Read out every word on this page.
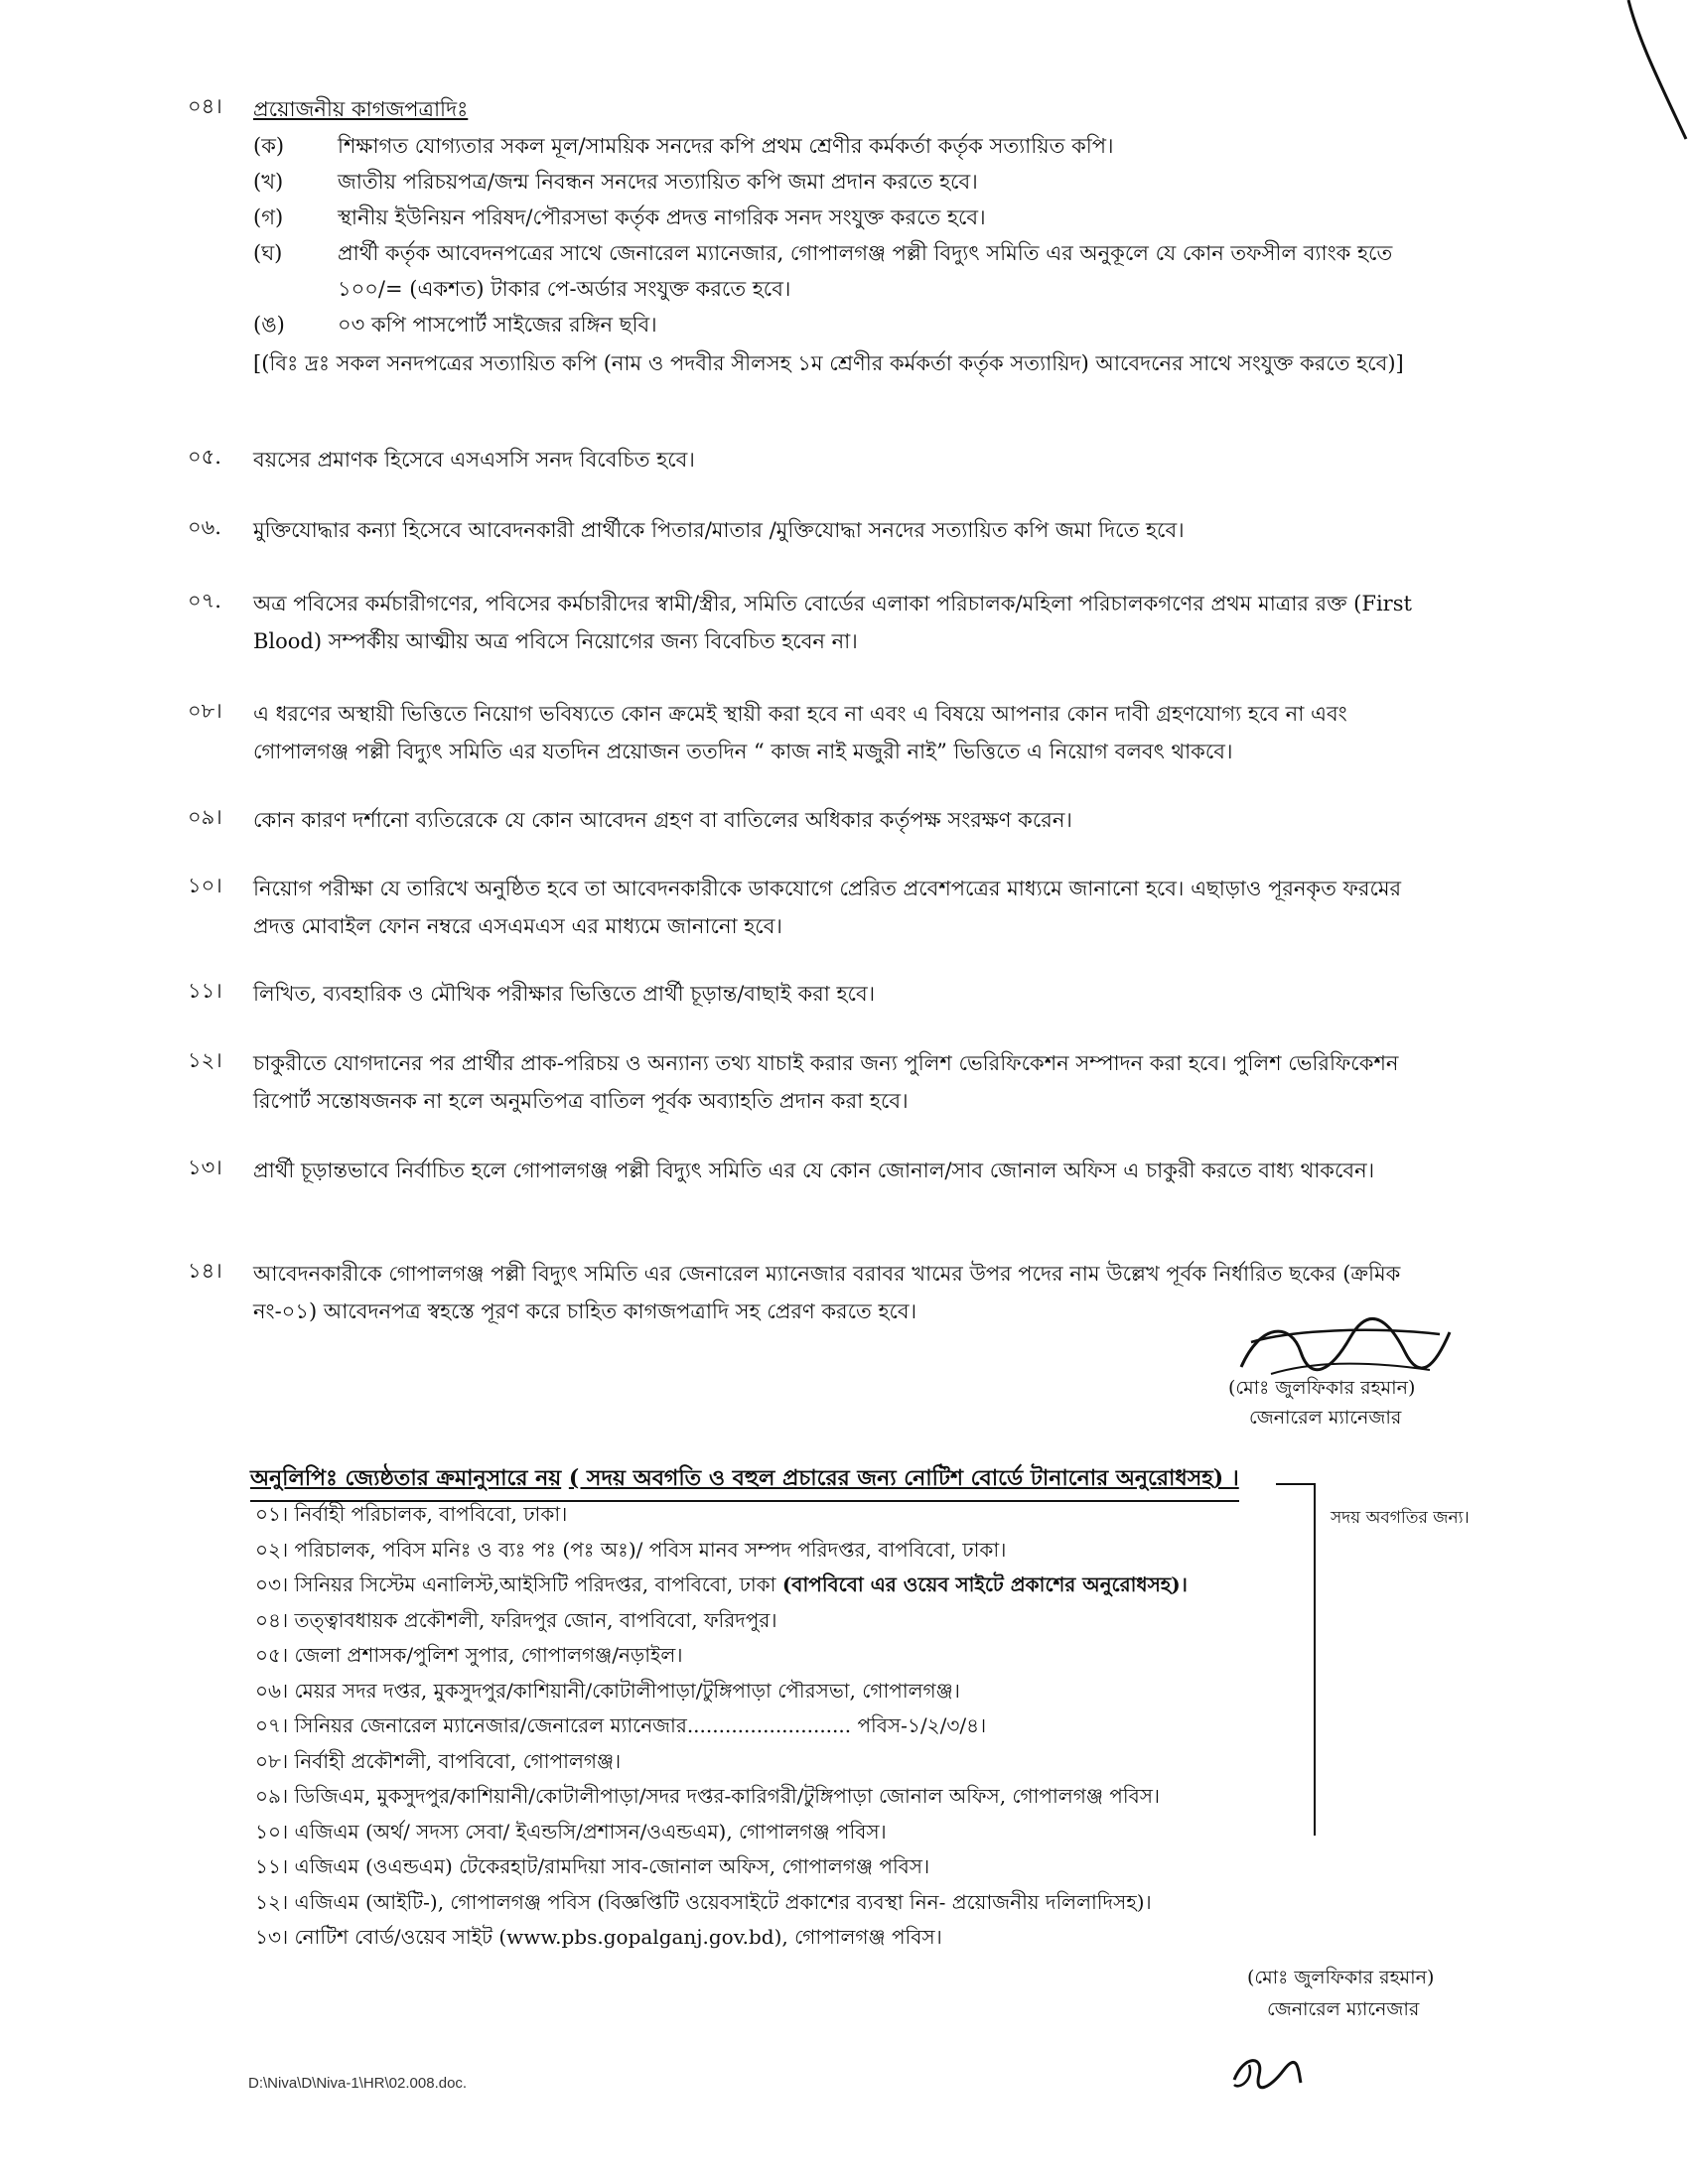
০৪। প্রয়োজনীয় কাগজপত্রাদিঃ
(ক)	শিক্ষাগত যোগ্যতার সকল মূল/সাময়িক সনদের কপি প্রথম শ্রেণীর কর্মকর্তা কর্তৃক সত্যায়িত কপি।
(খ)	জাতীয় পরিচয়পত্র/জন্ম নিবন্ধন সনদের সত্যায়িত কপি জমা প্রদান করতে হবে।
(গ)	স্থানীয় ইউনিয়ন পরিষদ/পৌরসভা কর্তৃক প্রদত্ত নাগরিক সনদ সংযুক্ত করতে হবে।
(ঘ)	প্রার্থী কর্তৃক আবেদনপত্রের সাথে জেনারেল ম্যানেজার, গোপালগঞ্জ পল্লী বিদ্যুৎ সমিতি এর অনুকূলে যে কোন তফসীল ব্যাংক হতে ১০০/= (একশত) টাকার পে-অর্ডার সংযুক্ত করতে হবে।
(ঙ)	০৩ কপি পাসপোর্ট সাইজের রঙ্গিন ছবি।
[(বিঃ দ্রঃ সকল সনদপত্রের সত্যায়িত কপি (নাম ও পদবীর সীলসহ ১ম শ্রেণীর কর্মকর্তা কর্তৃক সত্যায়িদ) আবেদনের সাথে সংযুক্ত করতে হবে)]
০৫. বয়সের প্রমাণক হিসেবে এসএসসি সনদ বিবেচিত হবে।

০৬. মুক্তিযোদ্ধার কন্যা হিসেবে আবেদনকারী প্রার্থীকে পিতার/মাতার /মুক্তিযোদ্ধা সনদের সত্যায়িত কপি জমা দিতে হবে।

০৭. অত্র পবিসের কর্মচারীগণের, পবিসের কর্মচারীদের স্বামী/স্ত্রীর, সমিতি বোর্ডের এলাকা পরিচালক/মহিলা পরিচালকগণের প্রথম মাত্রার রক্ত (First Blood) সম্পর্কীয় আত্মীয় অত্র পবিসে নিয়োগের জন্য বিবেচিত হবেন না।

০৮। এ ধরণের অস্থায়ী ভিত্তিতে নিয়োগ ভবিষ্যতে কোন ক্রমেই স্থায়ী করা হবে না এবং এ বিষয়ে আপনার কোন দাবী গ্রহণযোগ্য হবে না এবং গোপালগঞ্জ পল্লী বিদ্যুৎ সমিতি এর যতদিন প্রয়োজন ততদিন “ কাজ নাই মজুরী নাই” ভিত্তিতে এ নিয়োগ বলবৎ থাকবে।

০৯। কোন কারণ দর্শানো ব্যতিরেকে যে কোন আবেদন গ্রহণ বা বাতিলের অধিকার কর্তৃপক্ষ সংরক্ষণ করেন।

১০। নিয়োগ পরীক্ষা যে তারিখে অনুষ্ঠিত হবে তা আবেদনকারীকে ডাকযোগে প্রেরিত প্রবেশপত্রের মাধ্যমে জানানো হবে। এছাড়াও পূরনকৃত ফরমের প্রদত্ত মোবাইল ফোন নম্বরে এসএমএস এর মাধ্যমে জানানো হবে।

১১। লিখিত, ব্যবহারিক ও মৌখিক পরীক্ষার ভিত্তিতে প্রার্থী চূড়ান্ত/বাছাই করা হবে।

১২। চাকুরীতে যোগদানের পর প্রার্থীর প্রাক-পরিচয় ও অন্যান্য তথ্য যাচাই করার জন্য পুলিশ ভেরিফিকেশন সম্পাদন করা হবে। পুলিশ ভেরিফিকেশন রিপোর্ট সন্তোষজনক না হলে অনুমতিপত্র বাতিল পূর্বক অব্যাহতি প্রদান করা হবে।

১৩। প্রার্থী চূড়ান্তভাবে নির্বাচিত হলে গোপালগঞ্জ পল্লী বিদ্যুৎ সমিতি এর যে কোন জোনাল/সাব জোনাল অফিস এ চাকুরী করতে বাধ্য থাকবেন।

১৪। আবেদনকারীকে গোপালগঞ্জ পল্লী বিদ্যুৎ সমিতি এর জেনারেল ম্যানেজার বরাবর খামের উপর পদের নাম উল্লেখ পূর্বক নির্ধারিত ছকের (ক্রমিক নং-০১) আবেদনপত্র স্বহস্তে পূরণ করে চাহিত কাগজপত্রাদি সহ প্রেরণ করতে হবে।

(মোঃ জুলফিকার রহমান)
জেনারেল ম্যানেজার
অনুলিপিঃ জ্যেষ্ঠতার ক্রমানুসারে নয় ( সদয় অবগতি ও বহুল প্রচারের জন্য নোটিশ বোর্ডে টানানোর অনুরোধসহ) ।
সদয় অবগতির জন্য।
০১। নির্বাহী পরিচালক, বাপবিবো, ঢাকা।
০২। পরিচালক, পবিস মনিঃ ও ব্যঃ পঃ (পঃ অঃ)/ পবিস মানব সম্পদ পরিদপ্তর, বাপবিবো, ঢাকা।
০৩। সিনিয়র সিস্টেম এনালিস্ট,আইসিটি পরিদপ্তর, বাপবিবো, ঢাকা (বাপবিবো এর ওয়েব সাইটে প্রকাশের অনুরোধসহ)।
০৪। তত্ত্বাবধায়ক প্রকৌশলী, ফরিদপুর জোন, বাপবিবো, ফরিদপুর।
০৫। জেলা প্রশাসক/পুলিশ সুপার, গোপালগঞ্জ/নড়াইল।
০৬। মেয়র সদর দপ্তর, মুকসুদপুর/কাশিয়ানী/কোটালীপাড়া/টুঙ্গিপাড়া পৌরসভা, গোপালগঞ্জ।
০৭। সিনিয়র জেনারেল ম্যানেজার/জেনারেল ম্যানেজার.......................... পবিস-১/২/৩/৪।
০৮। নির্বাহী প্রকৌশলী, বাপবিবো, গোপালগঞ্জ।
০৯। ডিজিএম, মুকসুদপুর/কাশিয়ানী/কোটালীপাড়া/সদর দপ্তর-কারিগরী/টুঙ্গিপাড়া জোনাল অফিস, গোপালগঞ্জ পবিস।
১০। এজিএম (অর্থ/ সদস্য সেবা/ ইএন্ডসি/প্রশাসন/ওএন্ডএম), গোপালগঞ্জ পবিস।
১১। এজিএম (ওএন্ডএম) টেকেরহাট/রামদিয়া সাব-জোনাল অফিস, গোপালগঞ্জ পবিস।
১২। এজিএম (আইটি-), গোপালগঞ্জ পবিস (বিজ্ঞপ্তিটি ওয়েবসাইটে প্রকাশের ব্যবস্থা নিন- প্রয়োজনীয় দলিলাদিসহ)।
১৩। নোটিশ বোর্ড/ওয়েব সাইট (www.pbs.gopalganj.gov.bd), গোপালগঞ্জ পবিস।
(মোঃ জুলফিকার রহমান)
জেনারেল ম্যানেজার
D:\Niva\D\Niva-1\HR\02.008.doc.
